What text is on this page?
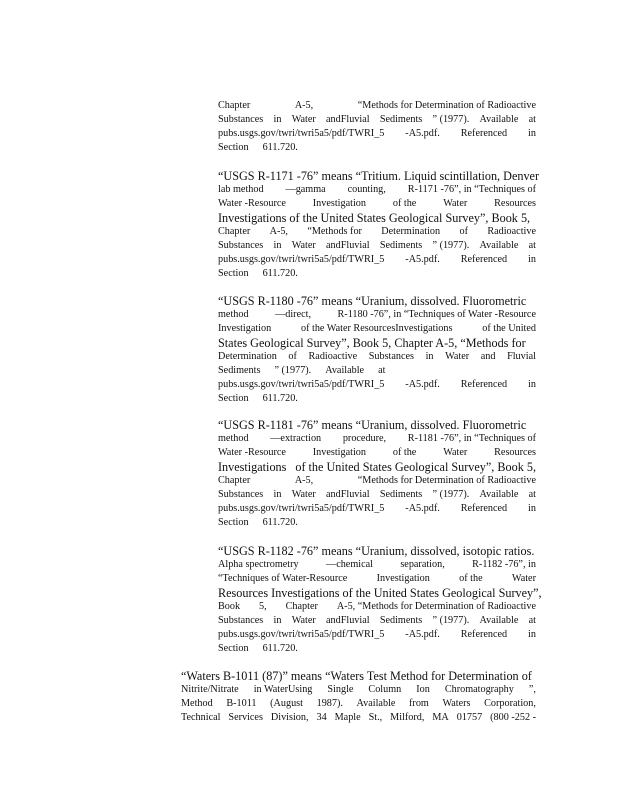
Chapter	A-5,	“Methods for Determination of Radioactive
Substances in Water andFluvial Sediments ” (1977). Available at
pubs.usgs.gov/twri/twri5a5/pdf/TWRI_5 -A5.pdf. Referenced in
Section 611.720.
“USGS R-1171 -76” means “Tritium. Liquid scintillation, Denver
lab method —gamma counting, R-1171 -76”, in “Techniques of
Water -Resource	Investigation	of the	Water	Resources
Investigations of the United States Geological Survey”, Book 5,
Chapter A-5, “Methods for Determination of Radioactive
Substances in Water andFluvial Sediments ” (1977). Available at
pubs.usgs.gov/twri/twri5a5/pdf/TWRI_5 -A5.pdf. Referenced in
Section 611.720.
“USGS R-1180 -76” means “Uranium, dissolved. Fluorometric
method	—direct,	R-1180 -76”, in “Techniques of Water -Resource
Investigation	of the Water ResourcesInvestigations	of the United
States Geological Survey”, Book 5, Chapter A-5, “Methods for
Determination of Radioactive Substances in Water and Fluvial
Sediments ” (1977). Available at
pubs.usgs.gov/twri/twri5a5/pdf/TWRI_5 -A5.pdf. Referenced in
Section 611.720.
“USGS R-1181 -76” means “Uranium, dissolved. Fluorometric
method —extraction procedure, R-1181 -76”, in “Techniques of
Water -Resource	Investigation	of the	Water	Resources
Investigations of the United States Geological Survey”, Book 5,
Chapter	A-5,	“Methods for Determination of Radioactive
Substances in Water andFluvial Sediments ” (1977). Available at
pubs.usgs.gov/twri/twri5a5/pdf/TWRI_5 -A5.pdf. Referenced in
Section 611.720.
“USGS R-1182 -76” means “Uranium, dissolved, isotopic ratios.
Alpha spectrometry	—chemical	separation,	R-1182 -76”, in
“Techniques of Water-Resource	Investigation	of the	Water
Resources Investigations of the United States Geological Survey”,
Book 5, Chapter A-5, “Methods for Determination of Radioactive
Substances in Water andFluvial Sediments ” (1977). Available at
pubs.usgs.gov/twri/twri5a5/pdf/TWRI_5 -A5.pdf. Referenced in
Section 611.720.
“Waters B-1011 (87)” means “Waters Test Method for Determination of
Nitrite/Nitrate in WaterUsing Single Column Ion Chromatography ”,
Method B-1011 (August 1987). Available from Waters Corporation,
Technical Services Division, 34 Maple St., Milford, MA 01757 (800 -252 -
